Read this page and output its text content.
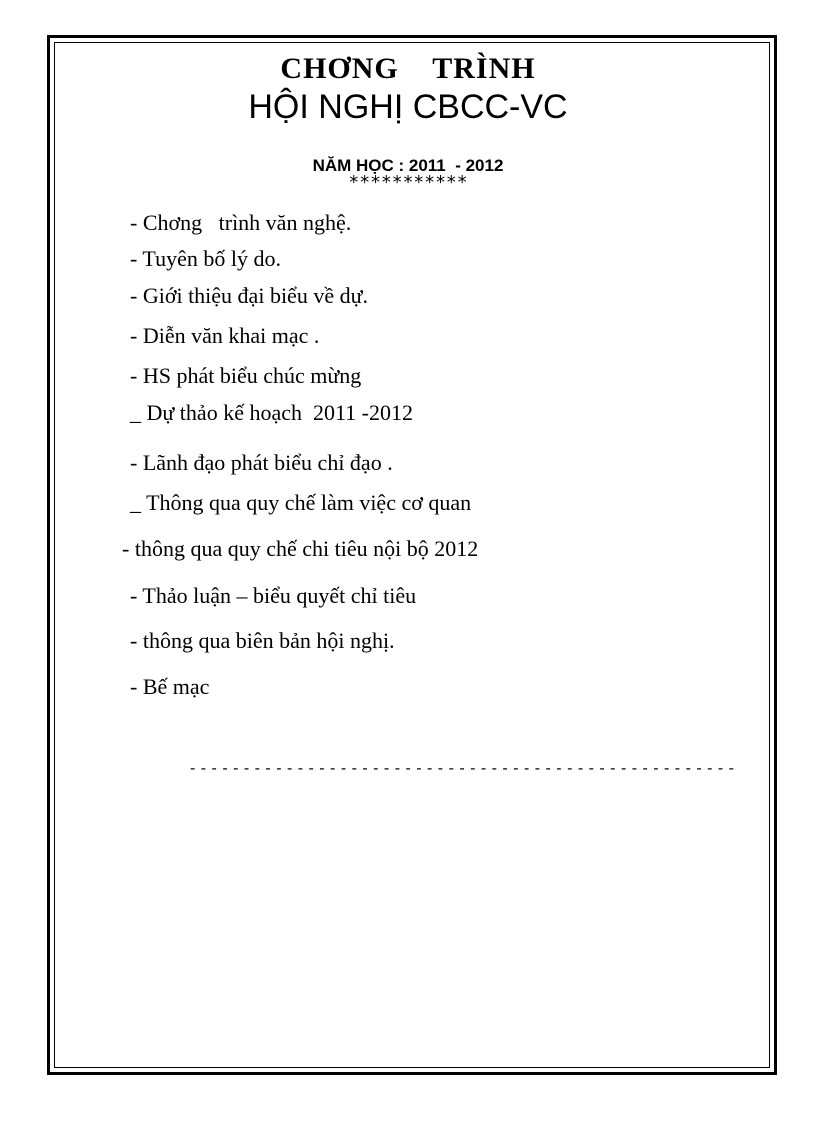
CHƠNG    TRÌNH
HỘI NGHỊ CBCC-VC
NĂM HỌC : 2011  - 2012
***********
- Chơng   trình văn nghệ.
- Tuyên bố lý do.
- Giới thiệu đại biểu về dự.
- Diễn văn khai mạc .
- HS phát biểu chúc mừng
_ Dự thảo kế hoạch  2011 -2012
- Lãnh đạo phát biểu chỉ đạo .
_ Thông qua quy chế làm việc cơ quan
- thông qua quy chế chi tiêu nội bộ 2012
- Thảo luận – biểu quyết chỉ tiêu
- thông qua biên bản hội nghị.
- Bế mạc
- - - - - - - - - - - - - - - - - - - - - - - - - - - - - - - - - - - - - - - - - - - - - - - - - - -
